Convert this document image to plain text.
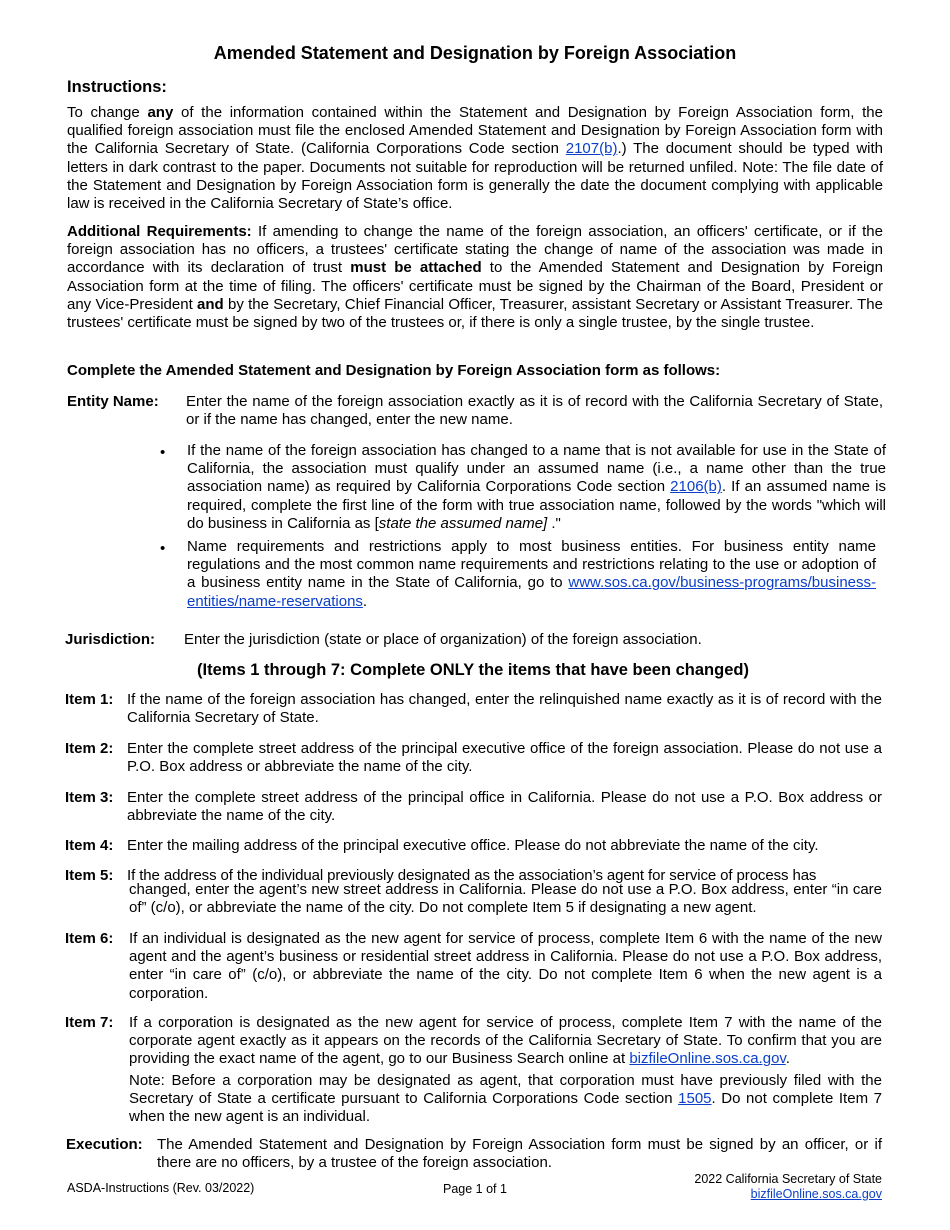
Amended Statement and Designation by Foreign Association
Instructions:

To change any of the information contained within the Statement and Designation by Foreign Association form, the qualified foreign association must file the enclosed Amended Statement and Designation by Foreign Association form with the California Secretary of State. (California Corporations Code section 2107(b).) The document should be typed with letters in dark contrast to the paper. Documents not suitable for reproduction will be returned unfiled. Note: The file date of the Statement and Designation by Foreign Association form is generally the date the document complying with applicable law is received in the California Secretary of State’s office.

Additional Requirements: If amending to change the name of the foreign association, an officers' certificate, or if the foreign association has no officers, a trustees' certificate stating the change of name of the association was made in accordance with its declaration of trust must be attached to the Amended Statement and Designation by Foreign Association form at the time of filing. The officers' certificate must be signed by the Chairman of the Board, President or any Vice-President and by the Secretary, Chief Financial Officer, Treasurer, assistant Secretary or Assistant Treasurer. The trustees' certificate must be signed by two of the trustees or, if there is only a single trustee, by the single trustee.

Complete the Amended Statement and Designation by Foreign Association form as follows:
Entity Name: Enter the name of the foreign association exactly as it is of record with the California Secretary of State, or if the name has changed, enter the new name.
• If the name of the foreign association has changed to a name that is not available for use in the State of California, the association must qualify under an assumed name (i.e., a name other than the true association name) as required by California Corporations Code section 2106(b). If an assumed name is required, complete the first line of the form with true association name, followed by the words "which will do business in California as [state the assumed name] ."
• Name requirements and restrictions apply to most business entities. For business entity name regulations and the most common name requirements and restrictions relating to the use or adoption of a business entity name in the State of California, go to www.sos.ca.gov/business-programs/business-entities/name-reservations.
Jurisdiction: Enter the jurisdiction (state or place of organization) of the foreign association.
(Items 1 through 7: Complete ONLY the items that have been changed)
Item 1: If the name of the foreign association has changed, enter the relinquished name exactly as it is of record with the California Secretary of State.
Item 2: Enter the complete street address of the principal executive office of the foreign association. Please do not use a P.O. Box address or abbreviate the name of the city.
Item 3: Enter the complete street address of the principal office in California. Please do not use a P.O. Box address or abbreviate the name of the city.
Item 4: Enter the mailing address of the principal executive office. Please do not abbreviate the name of the city.
Item 5: If the address of the individual previously designated as the association’s agent for service of process has
changed, enter the agent’s new street address in California. Please do not use a P.O. Box address, enter “in care of” (c/o), or abbreviate the name of the city. Do not complete Item 5 if designating a new agent.
Item 6: If an individual is designated as the new agent for service of process, complete Item 6 with the name of the new agent and the agent’s business or residential street address in California. Please do not use a P.O. Box address, enter “in care of” (c/o), or abbreviate the name of the city. Do not complete Item 6 when the new agent is a corporation.
Item 7: If a corporation is designated as the new agent for service of process, complete Item 7 with the name of the corporate agent exactly as it appears on the records of the California Secretary of State. To confirm that you are providing the exact name of the agent, go to our Business Search online at bizfileOnline.sos.ca.gov.
Note: Before a corporation may be designated as agent, that corporation must have previously filed with the Secretary of State a certificate pursuant to California Corporations Code section 1505. Do not complete Item 7 when the new agent is an individual.
Execution: The Amended Statement and Designation by Foreign Association form must be signed by an officer, or if there are no officers, by a trustee of the foreign association.
ASDA-Instructions (Rev. 03/2022)	Page 1 of 1
2022 California Secretary of State
bizfileOnline.sos.ca.gov
